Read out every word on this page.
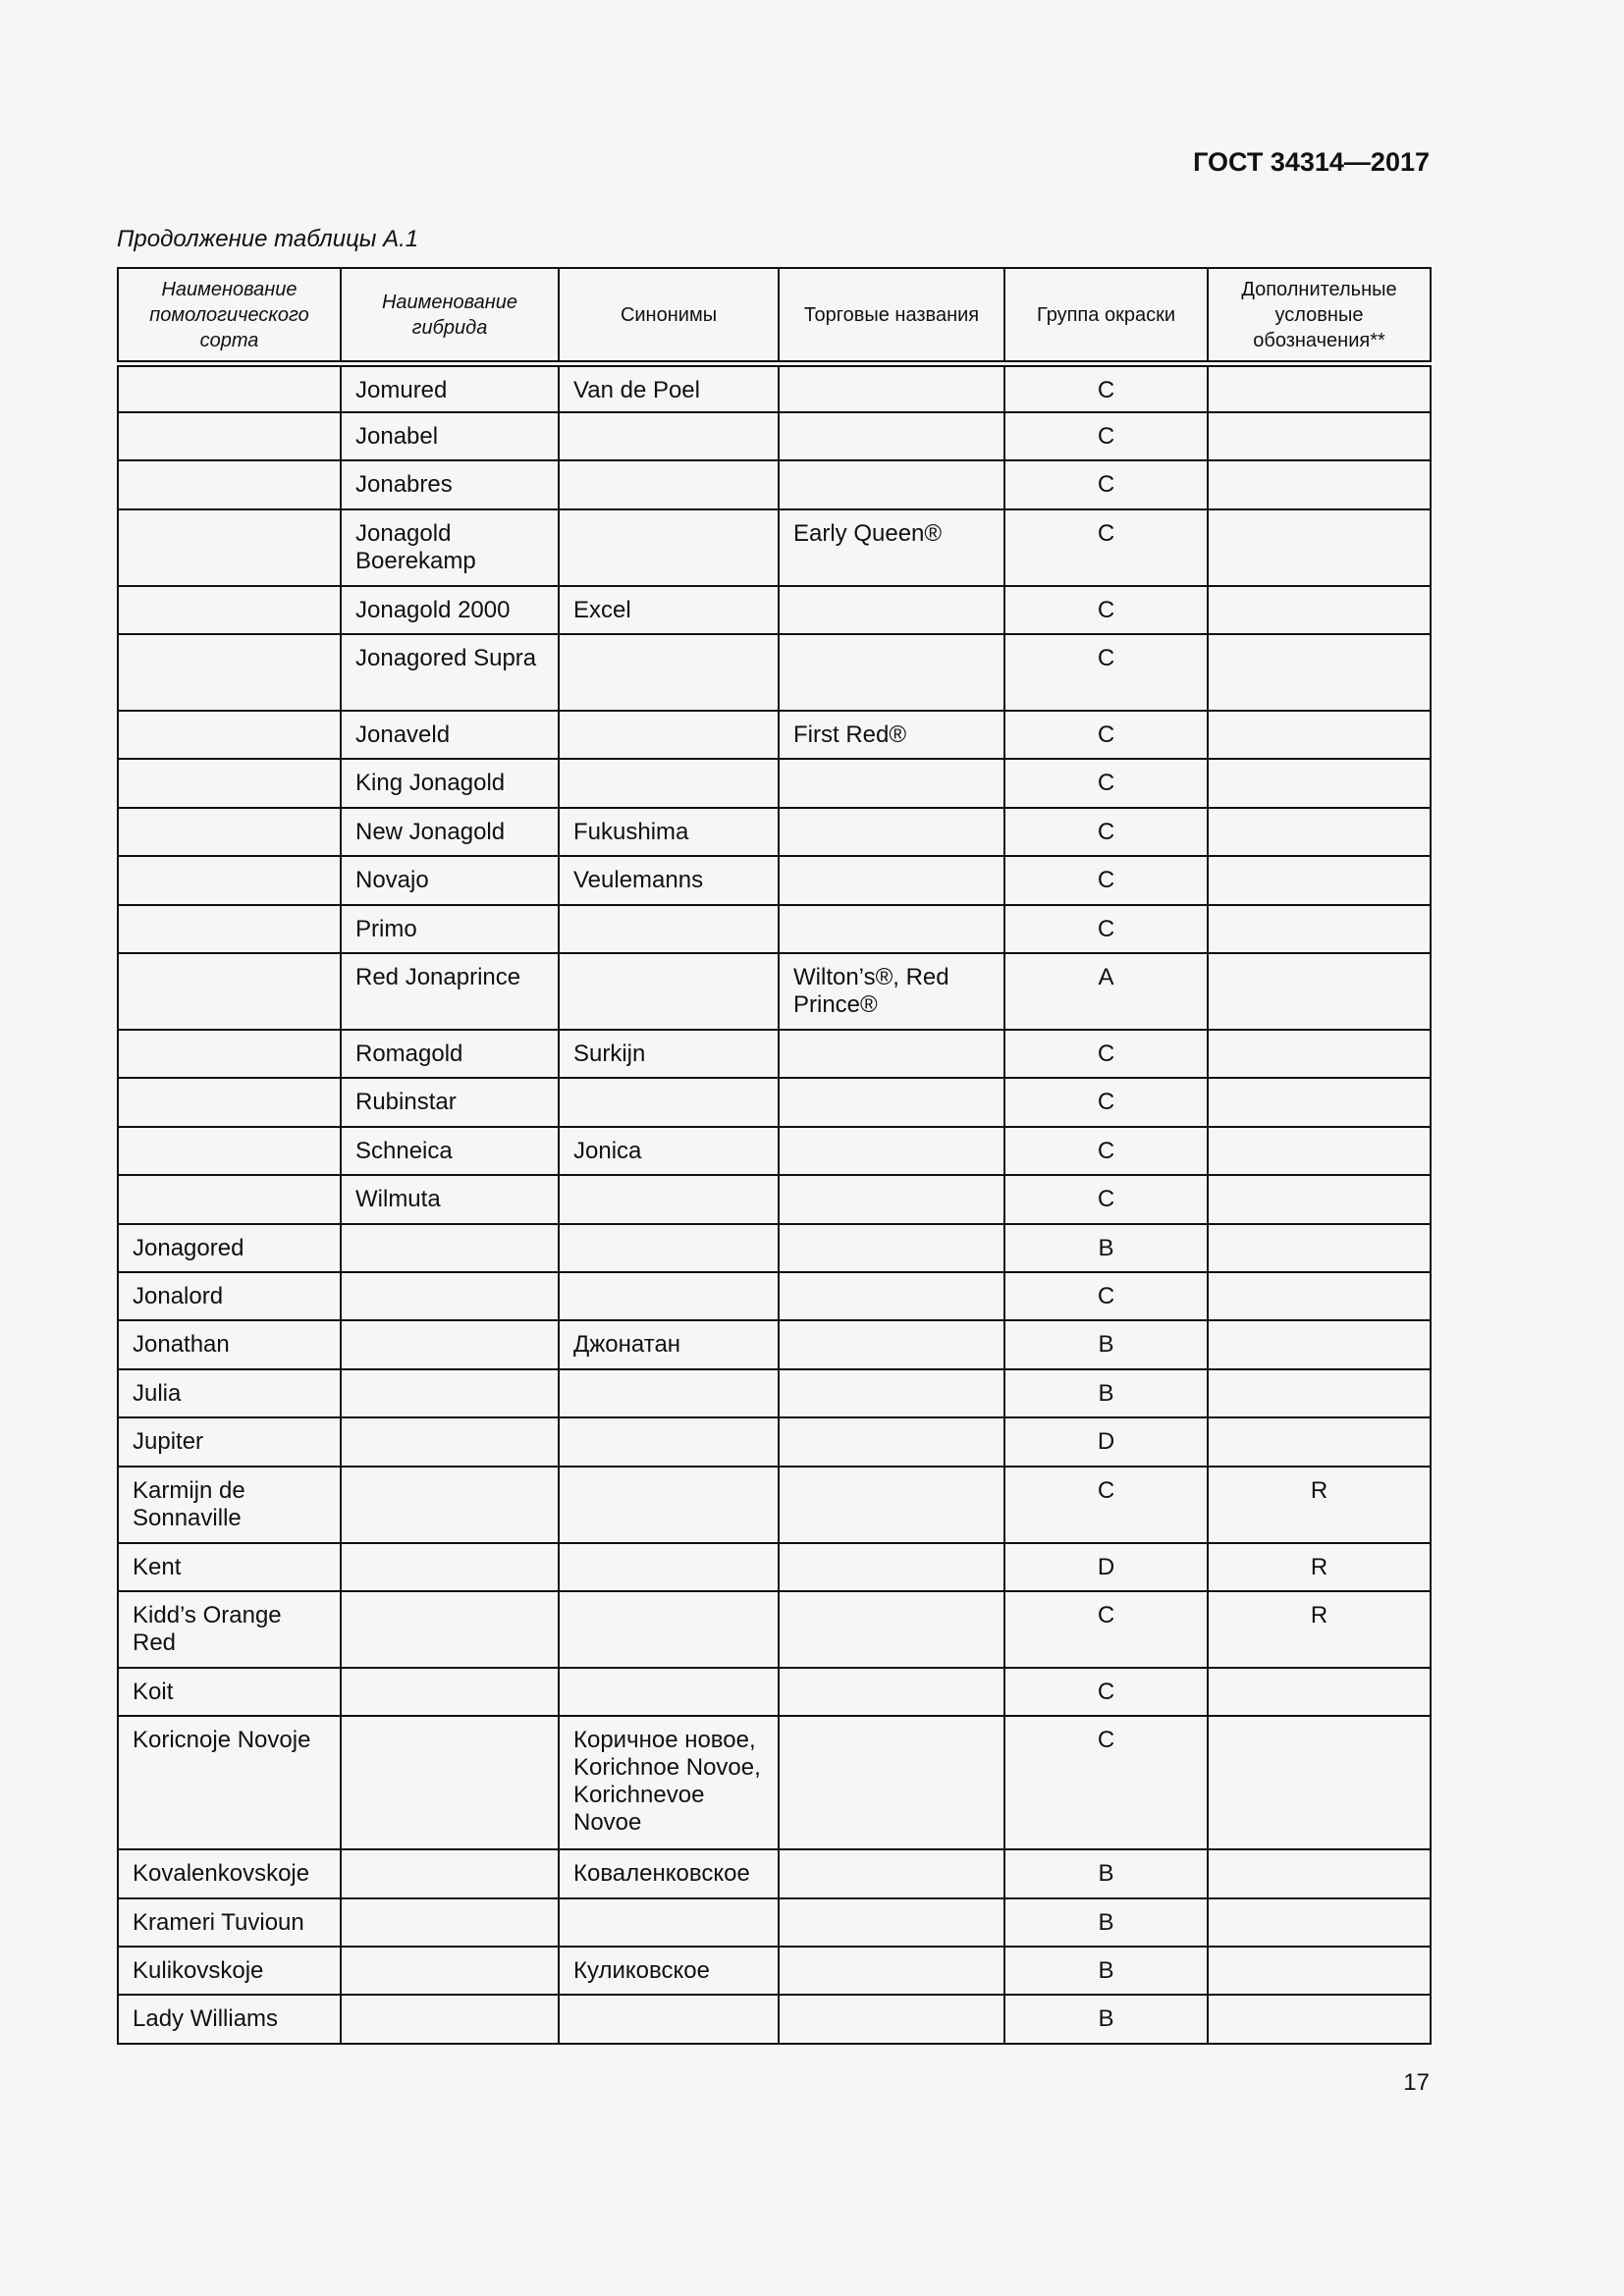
ГОСТ 34314—2017
Продолжение таблицы А.1
Наименование помологического сорта	Наименование гибрида	Синонимы	Торговые названия	Группа окраски	Дополнительные условные обозначения**
	Jomured	Van de Poel		C	
	Jonabel			C	
	Jonabres			C	
	Jonagold Boerekamp		Early Queen®	C	
	Jonagold 2000	Excel		C	
	Jonagored Supra			C	
	Jonaveld		First Red®	C	
	King Jonagold			C	
	New Jonagold	Fukushima		C	
	Novajo	Veulemanns		C	
	Primo			C	
	Red Jonaprince		Wilton’s®, Red Prince®	A	
	Romagold	Surkijn		C	
	Rubinstar			C	
	Schneica	Jonica		C	
	Wilmuta			C	
Jonagored				B	
Jonalord				C	
Jonathan		Джонатан		B	
Julia				B	
Jupiter				D	
Karmijn de Sonnaville				C	R
Kent				D	R
Kidd’s Orange Red				C	R
Koit				C	
Koricnoje Novoje		Коричное новое, Korichnoe Novoe, Korichnevoe Novoe		C	
Kovalenkovskoje		Коваленковское		B	
Krameri Tuvioun				B	
Kulikovskoje		Куликовское		B	
Lady Williams				B	
17
